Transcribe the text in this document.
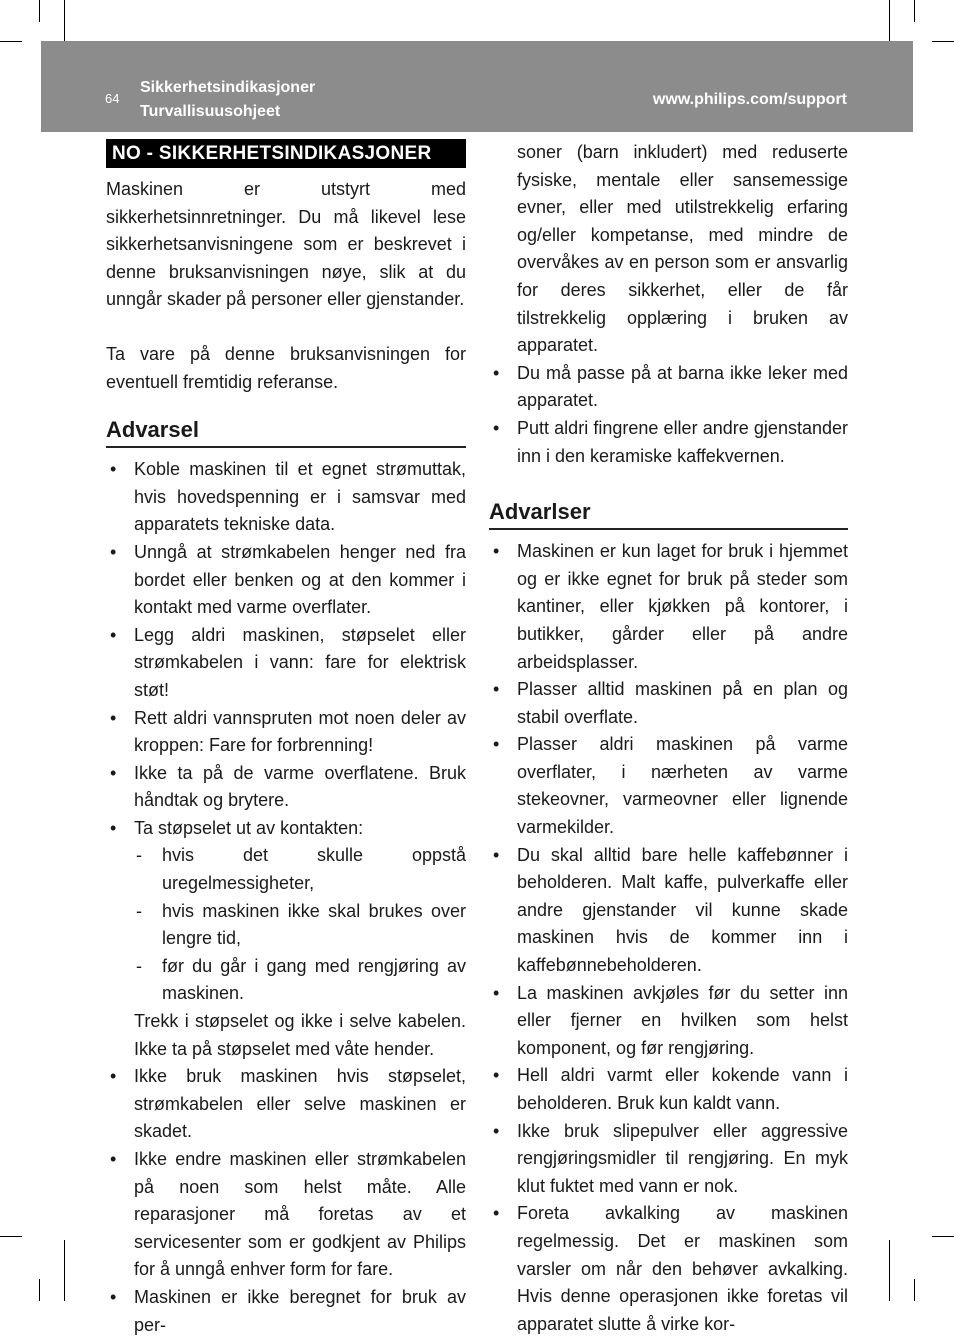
64
Sikkerhetsindikasjoner
Turvallisuusohjeet
www.philips.com/support
NO - SIKKERHETSINDIKASJONER

Maskinen er utstyrt med sikkerhetsinnretninger. Du må likevel lese sikkerhetsanvisningene som er beskrevet i denne bruksanvisningen nøye, slik at du unngår skader på personer eller gjenstander.

Ta vare på denne bruksanvisningen for eventuell fremtidig referanse.

Advarsel
• Koble maskinen til et egnet strømuttak, hvis hovedspenning er i samsvar med apparatets tekniske data.
• Unngå at strømkabelen henger ned fra bordet eller benken og at den kommer i kontakt med varme overflater.
• Legg aldri maskinen, støpselet eller strømkabelen i vann: fare for elektrisk støt!
• Rett aldri vannspruten mot noen deler av kroppen: Fare for forbrenning!
• Ikke ta på de varme overflatene. Bruk håndtak og brytere.
• Ta støpselet ut av kontakten:
- hvis det skulle oppstå uregelmessigheter,
- hvis maskinen ikke skal brukes over lengre tid,
- før du går i gang med rengjøring av maskinen.
Trekk i støpselet og ikke i selve kabelen. Ikke ta på støpselet med våte hender.
• Ikke bruk maskinen hvis støpselet, strømkabelen eller selve maskinen er skadet.
• Ikke endre maskinen eller strømkabelen på noen som helst måte. Alle reparasjoner må foretas av et servicesenter som er godkjent av Philips for å unngå enhver form for fare.
• Maskinen er ikke beregnet for bruk av per-

soner (barn inkludert) med reduserte fysiske, mentale eller sansemessige evner, eller med utilstrekkelig erfaring og/eller kompetanse, med mindre de overvåkes av en person som er ansvarlig for deres sikkerhet, eller de får tilstrekkelig opplæring i bruken av apparatet.

• Du må passe på at barna ikke leker med apparatet.
• Putt aldri fingrene eller andre gjenstander inn i den keramiske kaffekvernen.
Advarlser
• Maskinen er kun laget for bruk i hjemmet og er ikke egnet for bruk på steder som kantiner, eller kjøkken på kontorer, i butikker, gårder eller på andre arbeidsplasser.
• Plasser alltid maskinen på en plan og stabil overflate.
• Plasser aldri maskinen på varme overflater, i nærheten av varme stekeovner, varmeovner eller lignende varmekilder.
• Du skal alltid bare helle kaffebønner i beholderen. Malt kaffe, pulverkaffe eller andre gjenstander vil kunne skade maskinen hvis de kommer inn i kaffebønnebeholderen.
• La maskinen avkjøles før du setter inn eller fjerner en hvilken som helst komponent, og før rengjøring.
• Hell aldri varmt eller kokende vann i beholderen. Bruk kun kaldt vann.
• Ikke bruk slipepulver eller aggressive rengjøringsmidler til rengjøring. En myk klut fuktet med vann er nok.
• Foreta avkalking av maskinen regelmessig. Det er maskinen som varsler om når den behøver avkalking. Hvis denne operasjonen ikke foretas vil apparatet slutte å virke kor-
